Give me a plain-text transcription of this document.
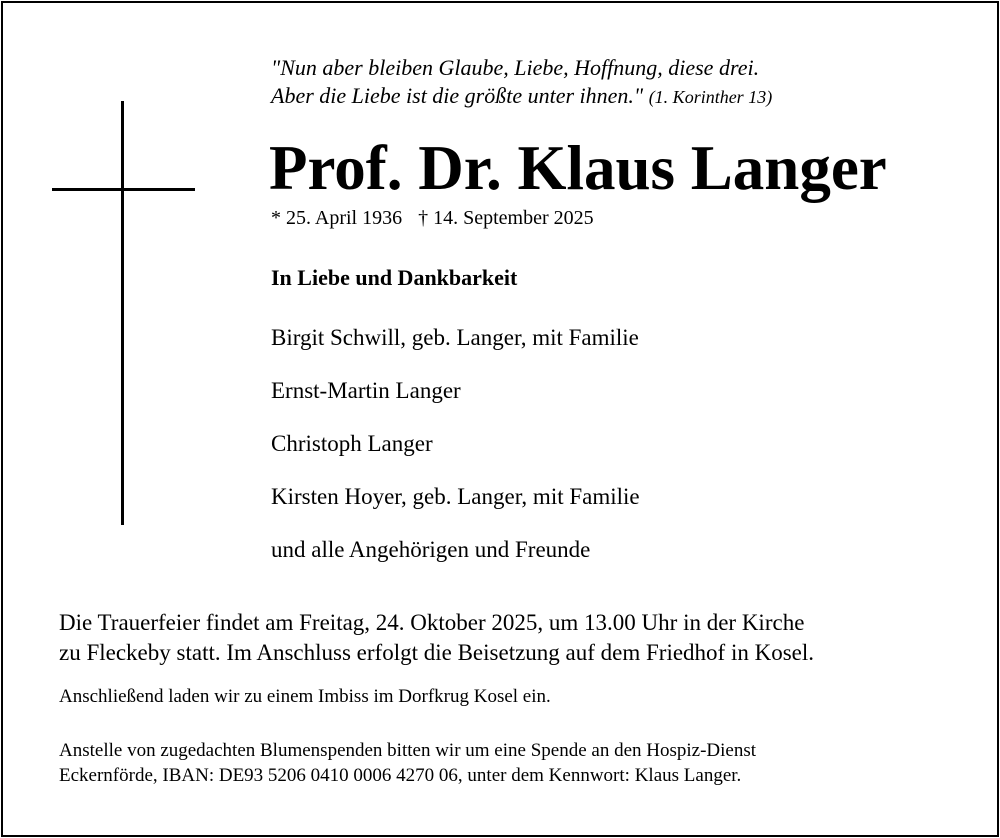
"Nun aber bleiben Glaube, Liebe, Hoffnung, diese drei.
Aber die Liebe ist die größte unter ihnen." (1. Korinther 13)
Prof. Dr. Klaus Langer
* 25. April 1936 † 14. September 2025
In Liebe und Dankbarkeit
Birgit Schwill, geb. Langer, mit Familie
Ernst-Martin Langer
Christoph Langer
Kirsten Hoyer, geb. Langer, mit Familie
und alle Angehörigen und Freunde
Die Trauerfeier findet am Freitag, 24. Oktober 2025, um 13.00 Uhr in der Kirche
zu Fleckeby statt. Im Anschluss erfolgt die Beisetzung auf dem Friedhof in Kosel.
Anschließend laden wir zu einem Imbiss im Dorfkrug Kosel ein.
Anstelle von zugedachten Blumenspenden bitten wir um eine Spende an den Hospiz-Dienst
Eckernförde, IBAN: DE93 5206 0410 0006 4270 06, unter dem Kennwort: Klaus Langer.
